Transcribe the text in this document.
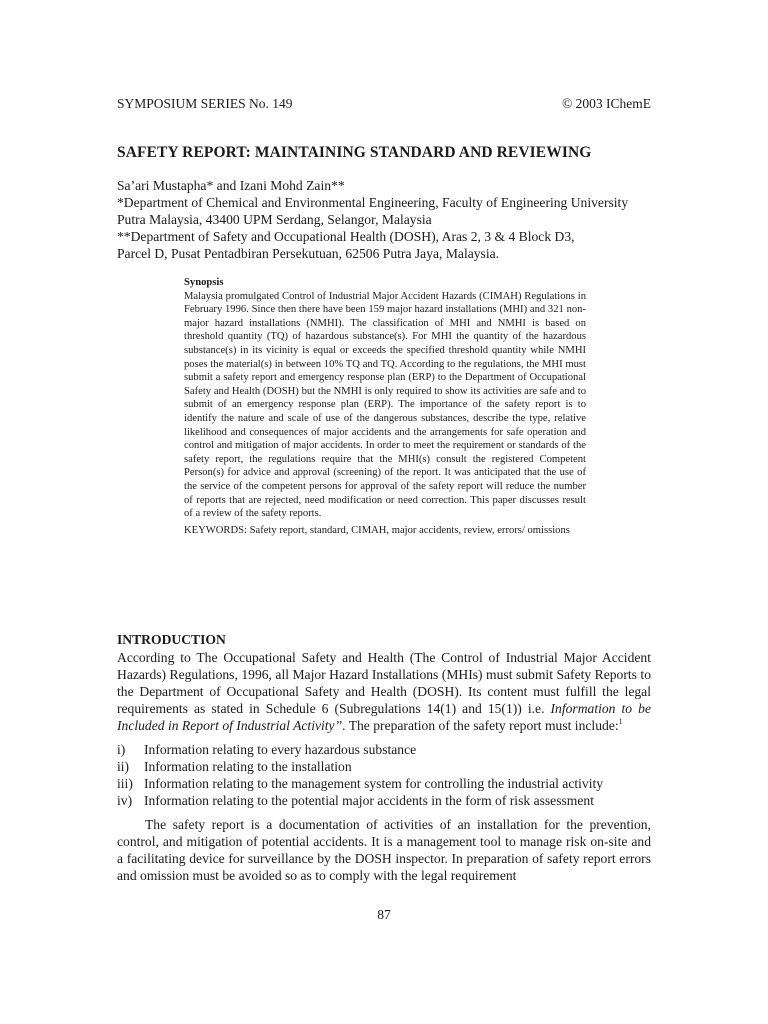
SYMPOSIUM SERIES No. 149	© 2003 IChemE
SAFETY REPORT: MAINTAINING STANDARD AND REVIEWING
Sa’ari Mustapha* and Izani Mohd Zain**
*Department of Chemical and Environmental Engineering, Faculty of Engineering University
Putra Malaysia, 43400 UPM Serdang, Selangor, Malaysia
**Department of Safety and Occupational Health (DOSH), Aras 2, 3 & 4 Block D3,
Parcel D, Pusat Pentadbiran Persekutuan, 62506 Putra Jaya, Malaysia.
Synopsis

Malaysia promulgated Control of Industrial Major Accident Hazards (CIMAH) Regulations in February 1996. Since then there have been 159 major hazard installations (MHI) and 321 non-major hazard installations (NMHI). The classification of MHI and NMHI is based on threshold quantity (TQ) of hazardous substance(s). For MHI the quantity of the hazardous substance(s) in its vicinity is equal or exceeds the specified threshold quantity while NMHI poses the material(s) in between 10% TQ and TQ. According to the regulations, the MHI must submit a safety report and emergency response plan (ERP) to the Department of Occupational Safety and Health (DOSH) but the NMHI is only required to show its activities are safe and to submit of an emergency response plan (ERP). The importance of the safety report is to identify the nature and scale of use of the dangerous substances, describe the type, relative likelihood and consequences of major accidents and the arrangements for safe operation and control and mitigation of major accidents. In order to meet the requirement or standards of the safety report, the regulations require that the MHI(s) consult the registered Competent Person(s) for advice and approval (screening) of the report. It was anticipated that the use of the service of the competent persons for approval of the safety report will reduce the number of reports that are rejected, need modification or need correction. This paper discusses result of a review of the safety reports.

KEYWORDS: Safety report, standard, CIMAH, major accidents, review, errors/ omissions
INTRODUCTION

According to The Occupational Safety and Health (The Control of Industrial Major Accident Hazards) Regulations, 1996, all Major Hazard Installations (MHIs) must submit Safety Reports to the Department of Occupational Safety and Health (DOSH). Its content must fulfill the legal requirements as stated in Schedule 6 (Subregulations 14(1) and 15(1)) i.e. Information to be Included in Report of Industrial Activity”. The preparation of the safety report must include:$^1$

i)	Information relating to every hazardous substance
ii)	Information relating to the installation
iii) Information relating to the management system for controlling the industrial activity
iv) Information relating to the potential major accidents in the form of risk assessment

The safety report is a documentation of activities of an installation for the prevention, control, and mitigation of potential accidents. It is a management tool to manage risk on-site and a facilitating device for surveillance by the DOSH inspector. In preparation of safety report errors and omission must be avoided so as to comply with the legal requirement

87
